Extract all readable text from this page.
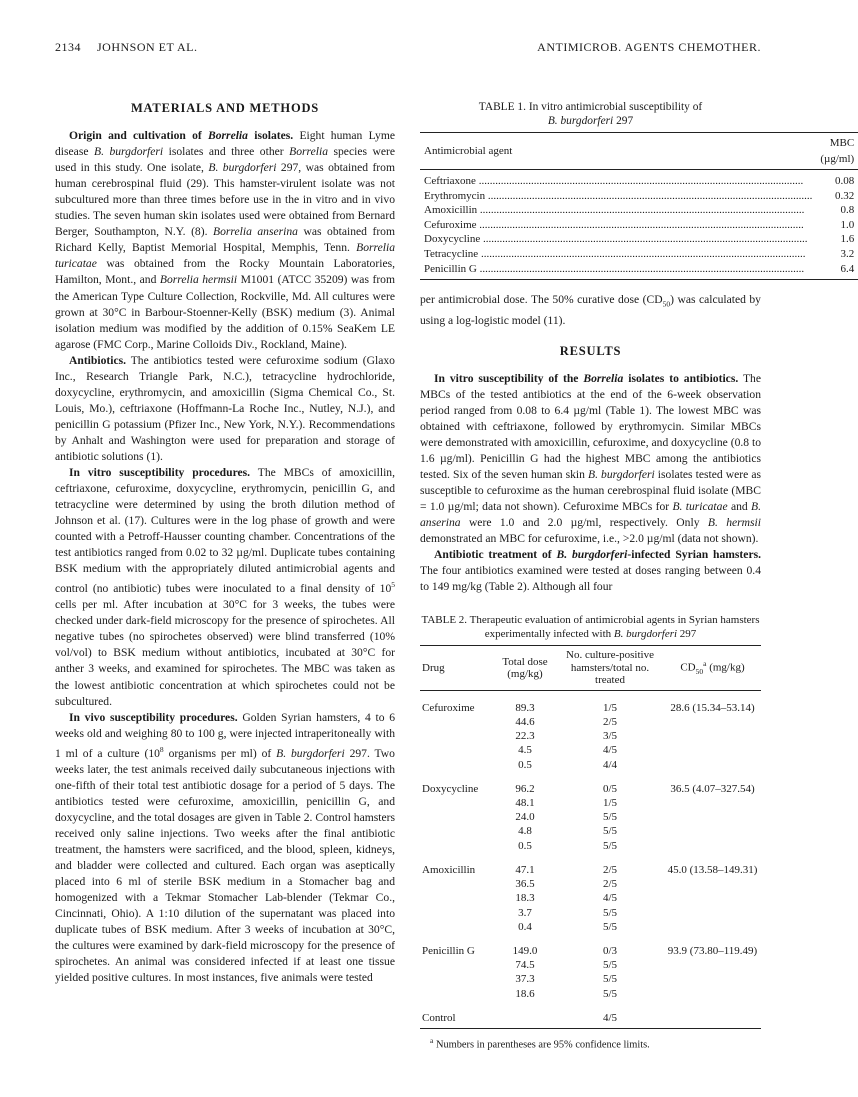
2134 JOHNSON ET AL.	ANTIMICROB. AGENTS CHEMOTHER.
MATERIALS AND METHODS

Origin and cultivation of Borrelia isolates. Eight human Lyme disease B. burgdorferi isolates and three other Borrelia species were used in this study. One isolate, B. burgdorferi 297, was obtained from human cerebrospinal fluid (29). This hamster-virulent isolate was not subcultured more than three times before use in the in vitro and in vivo studies. The seven human skin isolates used were obtained from Bernard Berger, Southampton, N.Y. (8). Borrelia anserina was obtained from Richard Kelly, Baptist Memorial Hospital, Memphis, Tenn. Borrelia turicatae was obtained from the Rocky Mountain Laboratories, Hamilton, Mont., and Borrelia hermsii M1001 (ATCC 35209) was from the American Type Culture Collection, Rockville, Md. All cultures were grown at 30°C in Barbour-Stoenner-Kelly (BSK) medium (3). Animal isolation medium was modified by the addition of 0.15% SeaKem LE agarose (FMC Corp., Marine Colloids Div., Rockland, Maine).

Antibiotics. The antibiotics tested were cefuroxime sodium (Glaxo Inc., Research Triangle Park, N.C.), tetracycline hydrochloride, doxycycline, erythromycin, and amoxicillin (Sigma Chemical Co., St. Louis, Mo.), ceftriaxone (Hoffmann-La Roche Inc., Nutley, N.J.), and penicillin G potassium (Pfizer Inc., New York, N.Y.). Recommendations by Anhalt and Washington were used for preparation and storage of antibiotic solutions (1).

In vitro susceptibility procedures. The MBCs of amoxicillin, ceftriaxone, cefuroxime, doxycycline, erythromycin, penicillin G, and tetracycline were determined by using the broth dilution method of Johnson et al. (17). Cultures were in the log phase of growth and were counted with a Petroff-Hausser counting chamber. Concentrations of the test antibiotics ranged from 0.02 to 32 µg/ml. Duplicate tubes containing BSK medium with the appropriately diluted antimicrobial agents and control (no antibiotic) tubes were inoculated to a final density of $10^5$ cells per ml. After incubation at 30°C for 3 weeks, the tubes were checked under dark-field microscopy for the presence of spirochetes. All negative tubes (no spirochetes observed) were blind transferred (10% vol/vol) to BSK medium without antibiotics, incubated at 30°C for anther 3 weeks, and examined for spirochetes. The MBC was taken as the lowest antibiotic concentration at which spirochetes could not be subcultured.

In vivo susceptibility procedures. Golden Syrian hamsters, 4 to 6 weeks old and weighing 80 to 100 g, were injected intraperitoneally with 1 ml of a culture ($10^8$ organisms per ml) of B. burgdorferi 297. Two weeks later, the test animals received daily subcutaneous injections with one-fifth of their total test antibiotic dosage for a period of 5 days. The antibiotics tested were cefuroxime, amoxicillin, penicillin G, and doxycycline, and the total dosages are given in Table 2. Control hamsters received only saline injections. Two weeks after the final antibiotic treatment, the hamsters were sacrificed, and the blood, spleen, kidneys, and bladder were collected and cultured. Each organ was aseptically placed into 6 ml of sterile BSK medium in a Stomacher bag and homogenized with a Tekmar Stomacher Lab-blender (Tekmar Co., Cincinnati, Ohio). A 1:10 dilution of the supernatant was placed into duplicate tubes of BSK medium. After 3 weeks of incubation at 30°C, the cultures were examined by dark-field microscopy for the presence of spirochetes. An animal was considered infected if at least one tissue yielded positive cultures. In most instances, five animals were tested

TABLE 1. In vitro antimicrobial susceptibility of
B. burgdorferi 297
Antimicrobial agent	MBC (µg/ml)
Ceftriaxone .....	0.08
Erythromycin .....	0.32
Amoxicillin .....	0.8
Cefuroxime .....	1.0
Doxycycline .....	1.6
Tetracycline .....	3.2
Penicillin G .....	6.4

per antimicrobial dose. The 50% curative dose $(CD_{50})$ was calculated by using a log-logistic model (11).

RESULTS

In vitro susceptibility of the Borrelia isolates to antibiotics. The MBCs of the tested antibiotics at the end of the 6-week observation period ranged from 0.08 to 6.4 µg/ml (Table 1). The lowest MBC was obtained with ceftriaxone, followed by erythromycin. Similar MBCs were demonstrated with amoxicillin, cefuroxime, and doxycycline (0.8 to 1.6 µg/ml). Penicillin G had the highest MBC among the antibiotics tested. Six of the seven human skin B. burgdorferi isolates tested were as susceptible to cefuroxime as the human cerebrospinal fluid isolate (MBC = 1.0 µg/ml; data not shown). Cefuroxime MBCs for B. turicatae and B. anserina were 1.0 and 2.0 µg/ml, respectively. Only B. hermsii demonstrated an MBC for cefuroxime, i.e., >2.0 µg/ml (data not shown).

Antibiotic treatment of B. burgdorferi-infected Syrian hamsters. The four antibiotics examined were tested at doses ranging between 0.4 to 149 mg/kg (Table 2). Although all four

TABLE 2. Therapeutic evaluation of antimicrobial agents in Syrian hamsters experimentally infected with B. burgdorferi 297
Drug	Total dose (mg/kg)	No. culture-positive hamsters/total no. treated	$CD_{50}^a$ (mg/kg)

Cefuroxime	89.3	1/5	28.6 (15.34–53.14)
	44.6	2/5	
	22.3	3/5	
	4.5	4/5	
	0.5	4/4	

Doxycycline	96.2	0/5	36.5 (4.07–327.54)
	48.1	1/5	
	24.0	5/5	
	4.8	5/5	
	0.5	5/5	

Amoxicillin	47.1	2/5	45.0 (13.58–149.31)
	36.5	2/5	
	18.3	4/5	
	3.7	5/5	
	0.4	5/5	

Penicillin G	149.0	0/3	93.9 (73.80–119.49)
	74.5	5/5	
	37.3	5/5	
	18.6	5/5	

Control		4/5	
$^a$ Numbers in parentheses are 95% confidence limits.
